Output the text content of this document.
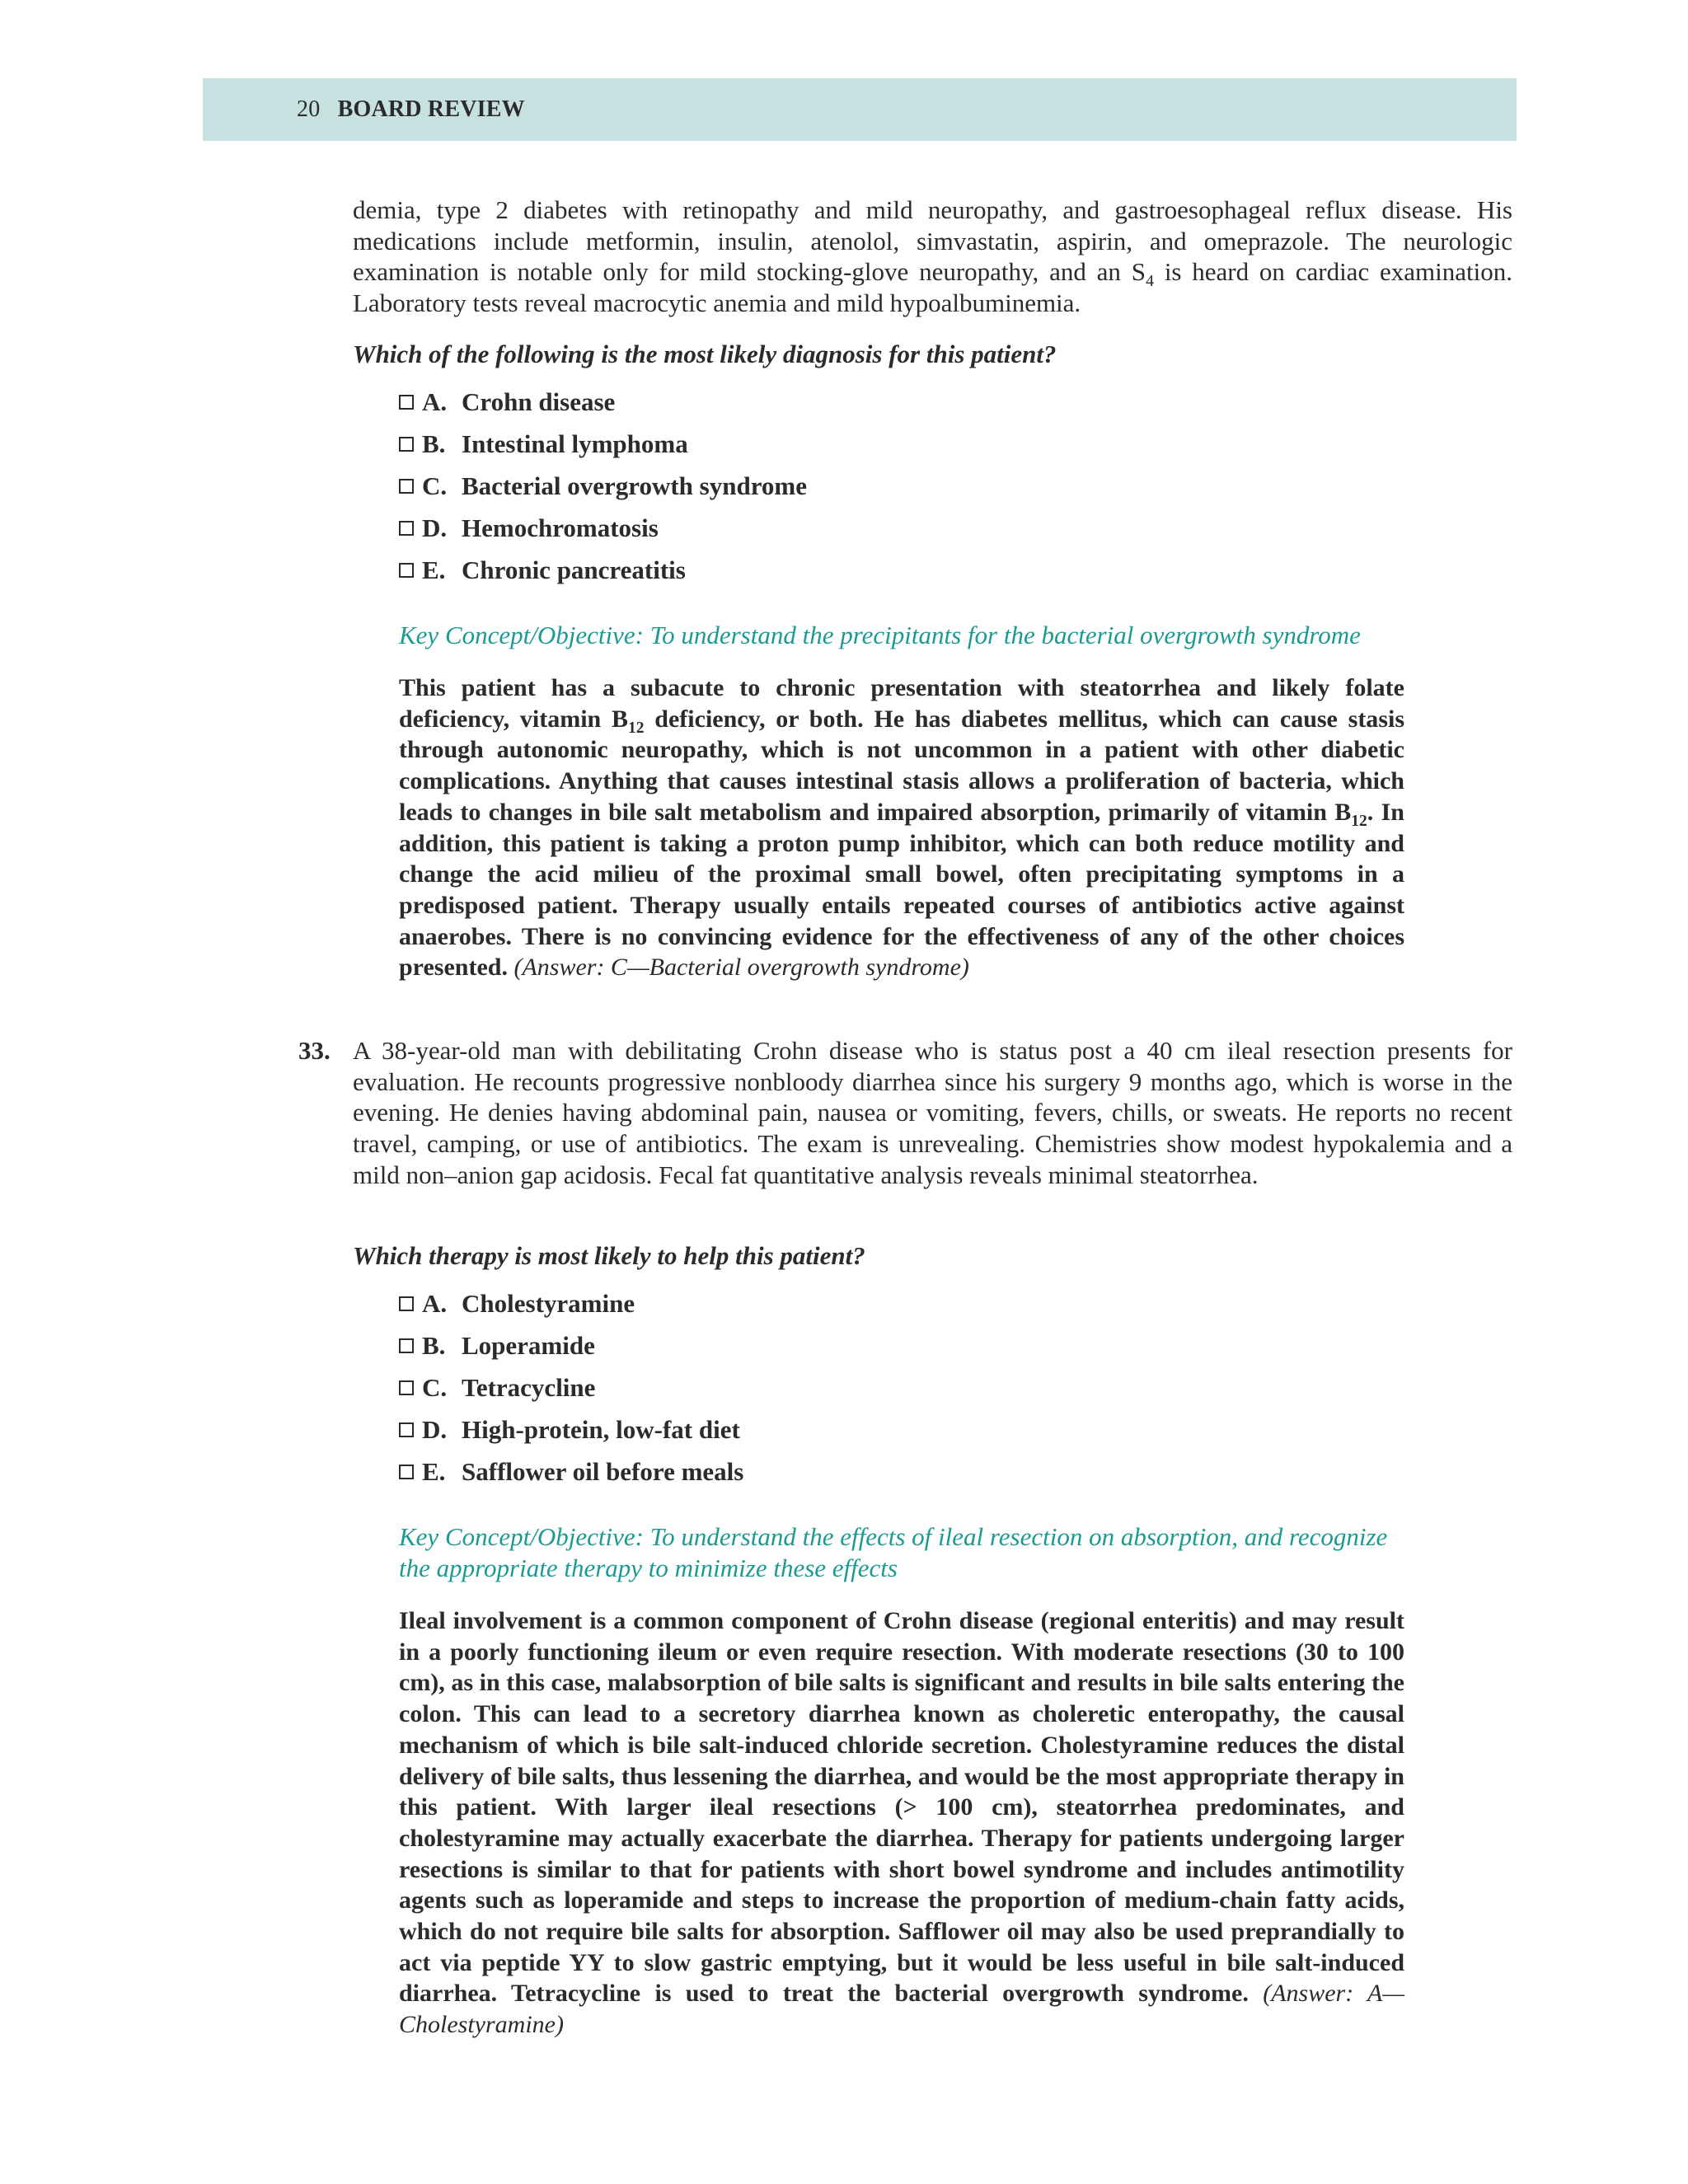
20 BOARD REVIEW

demia, type 2 diabetes with retinopathy and mild neuropathy, and gastroesophageal reflux disease. His medications include metformin, insulin, atenolol, simvastatin, aspirin, and omeprazole. The neurologic examination is notable only for mild stocking-glove neuropathy, and an $S_4$ is heard on cardiac examination. Laboratory tests reveal macrocytic anemia and mild hypoalbuminemia.

Which of the following is the most likely diagnosis for this patient?

A. Crohn disease
B. Intestinal lymphoma
C. Bacterial overgrowth syndrome
D. Hemochromatosis
E. Chronic pancreatitis

Key Concept/Objective: To understand the precipitants for the bacterial overgrowth syndrome

This patient has a subacute to chronic presentation with steatorrhea and likely folate deficiency, vitamin $B_{12}$ deficiency, or both. He has diabetes mellitus, which can cause stasis through autonomic neuropathy, which is not uncommon in a patient with other diabetic complications. Anything that causes intestinal stasis allows a proliferation of bacteria, which leads to changes in bile salt metabolism and impaired absorption, primarily of vitamin $B_{12}$. In addition, this patient is taking a proton pump inhibitor, which can both reduce motility and change the acid milieu of the proximal small bowel, often precipitating symptoms in a predisposed patient. Therapy usually entails repeated courses of antibiotics active against anaerobes. There is no convincing evidence for the effectiveness of any of the other choices presented. (Answer: C—Bacterial overgrowth syndrome)

33. A 38-year-old man with debilitating Crohn disease who is status post a 40 cm ileal resection presents for evaluation. He recounts progressive nonbloody diarrhea since his surgery 9 months ago, which is worse in the evening. He denies having abdominal pain, nausea or vomiting, fevers, chills, or sweats. He reports no recent travel, camping, or use of antibiotics. The exam is unrevealing. Chemistries show modest hypokalemia and a mild non–anion gap acidosis. Fecal fat quantitative analysis reveals minimal steatorrhea.

Which therapy is most likely to help this patient?

A. Cholestyramine
B. Loperamide
C. Tetracycline
D. High-protein, low-fat diet
E. Safflower oil before meals

Key Concept/Objective: To understand the effects of ileal resection on absorption, and recognize the appropriate therapy to minimize these effects

Ileal involvement is a common component of Crohn disease (regional enteritis) and may result in a poorly functioning ileum or even require resection. With moderate resections (30 to 100 cm), as in this case, malabsorption of bile salts is significant and results in bile salts entering the colon. This can lead to a secretory diarrhea known as choleretic enteropathy, the causal mechanism of which is bile salt-induced chloride secretion. Cholestyramine reduces the distal delivery of bile salts, thus lessening the diarrhea, and would be the most appropriate therapy in this patient. With larger ileal resections (> 100 cm), steatorrhea predominates, and cholestyramine may actually exacerbate the diarrhea. Therapy for patients undergoing larger resections is similar to that for patients with short bowel syndrome and includes antimotility agents such as loperamide and steps to increase the proportion of medium-chain fatty acids, which do not require bile salts for absorption. Safflower oil may also be used preprandially to act via peptide YY to slow gastric emptying, but it would be less useful in bile salt-induced diarrhea. Tetracycline is used to treat the bacterial overgrowth syndrome. (Answer: A—Cholestyramine)
